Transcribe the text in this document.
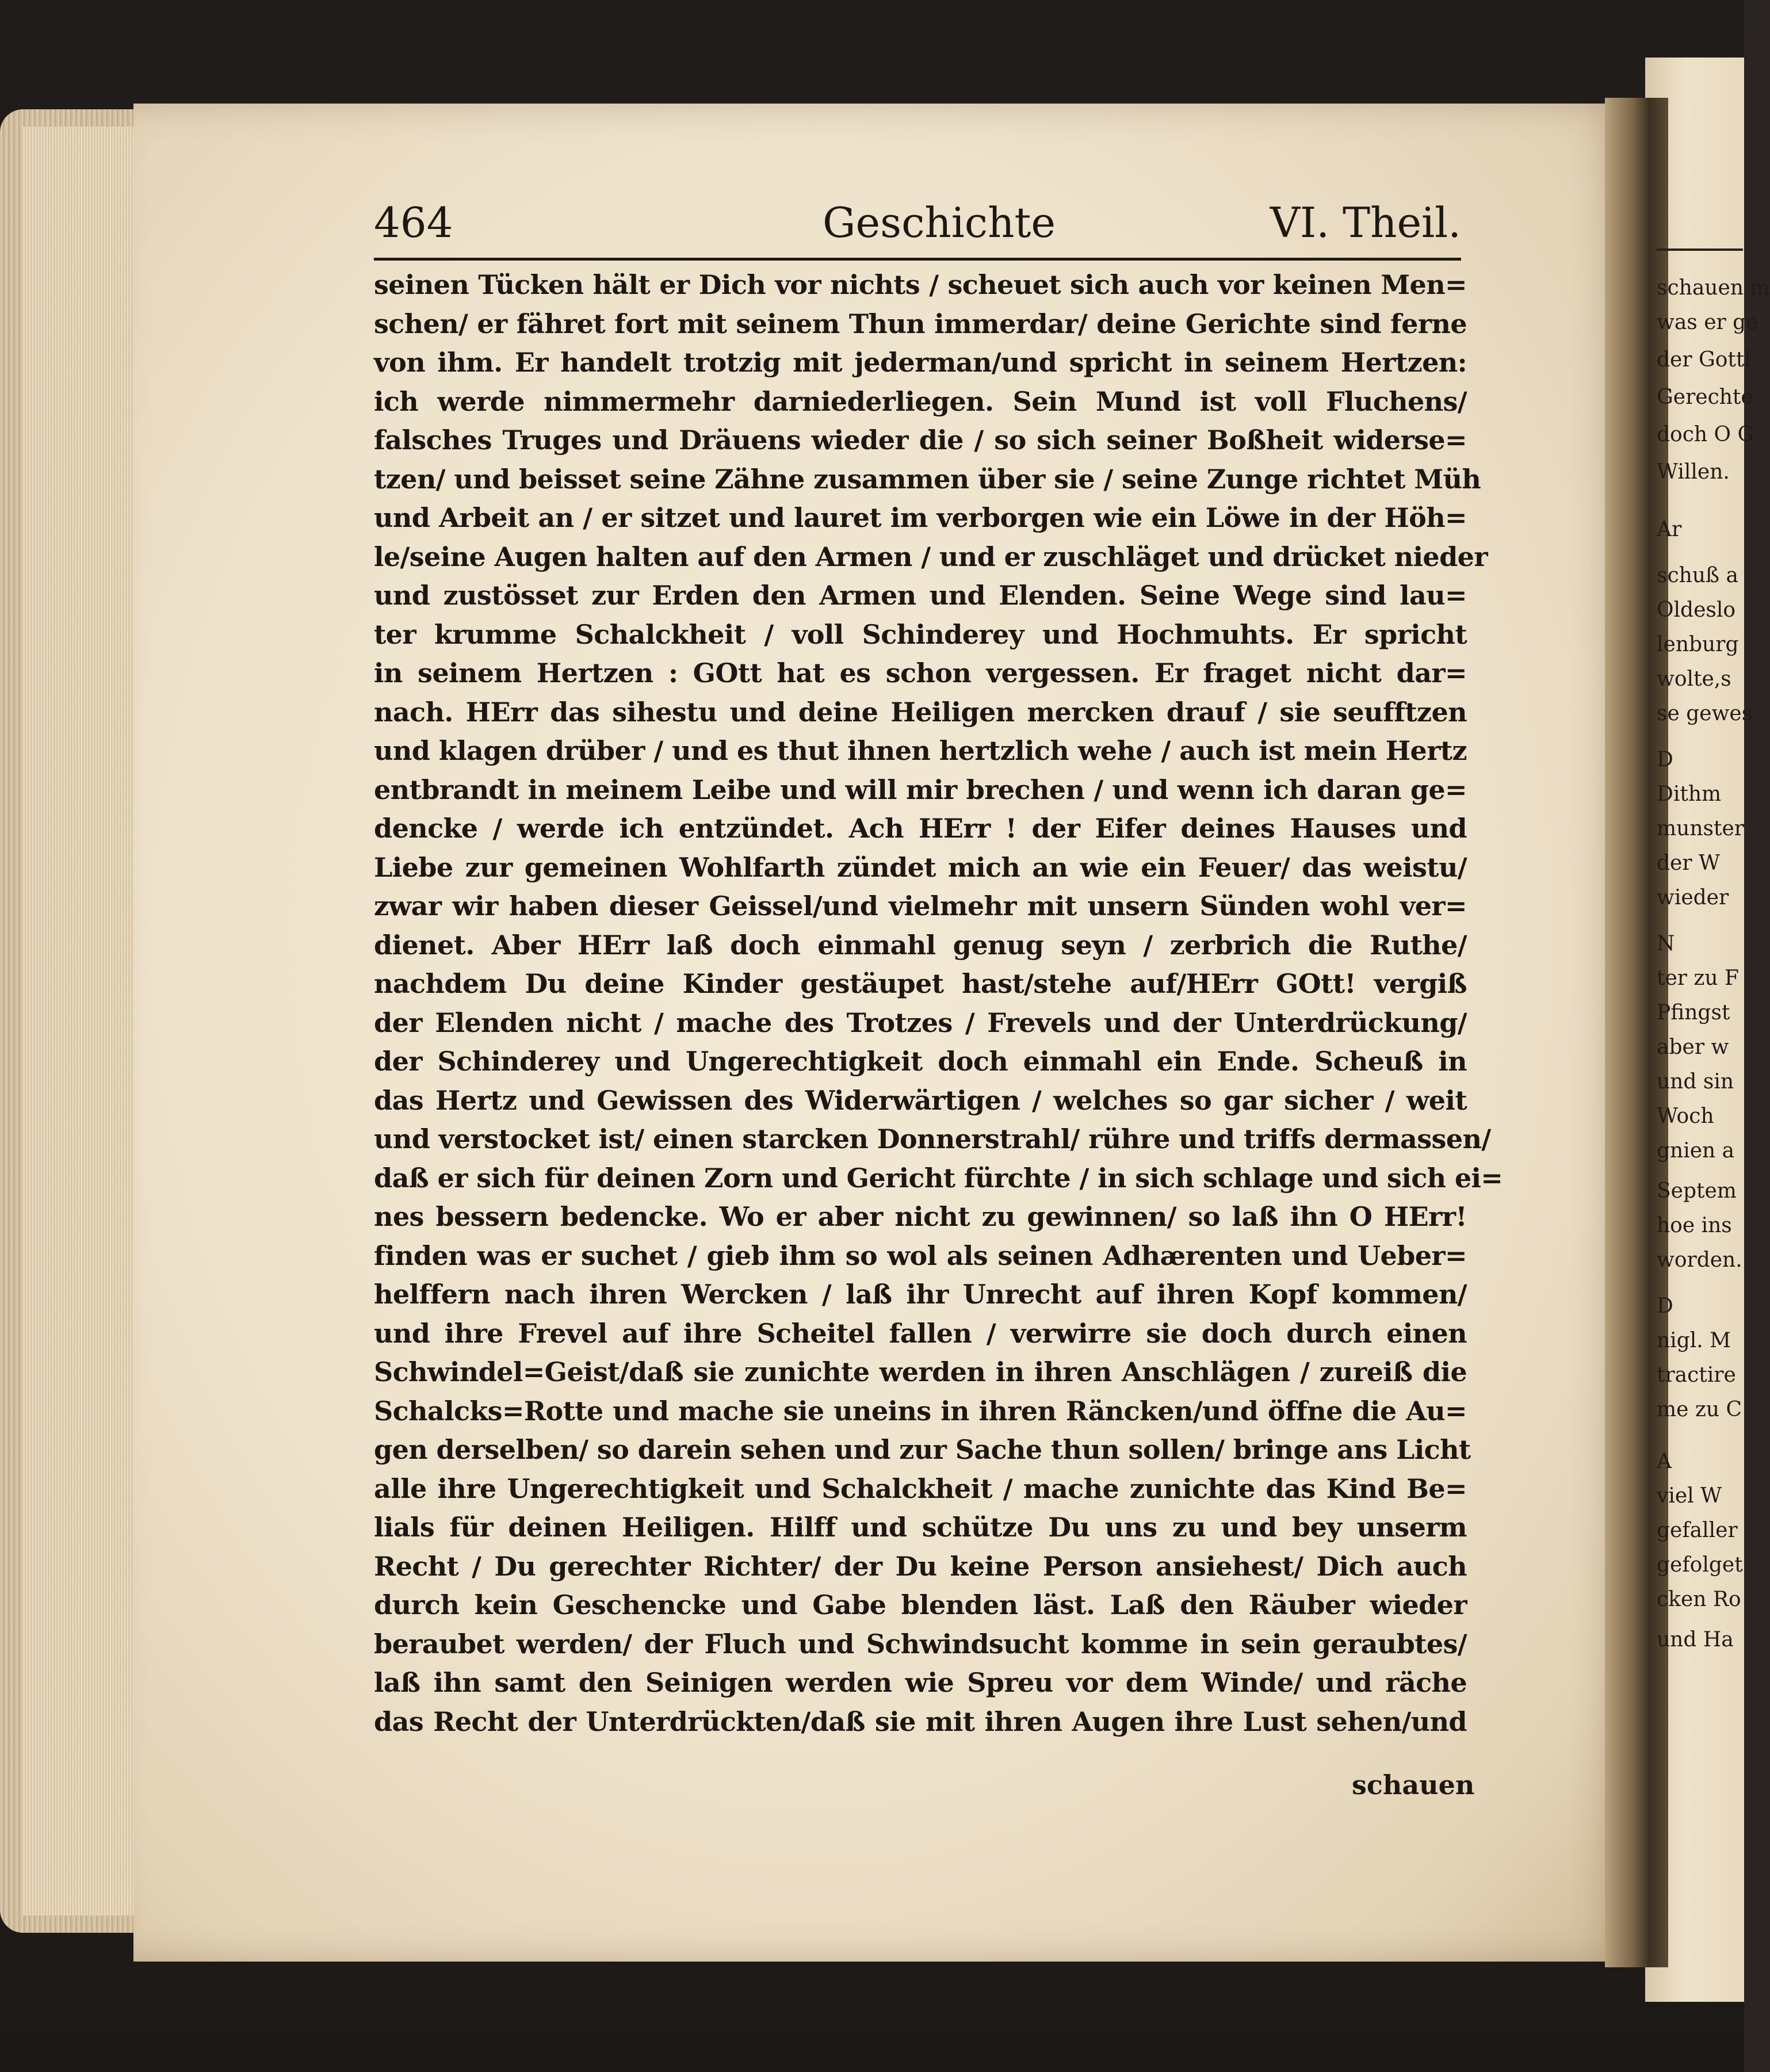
464	Geschichte	VI. Theil.
seinen Tücken hält er Dich vor nichts / scheuet sich auch vor keinen Men=
schen/ er fähret fort mit seinem Thun immerdar/ deine Gerichte sind ferne
von ihm. Er handelt trotzig mit jederman/und spricht in seinem Hertzen:
ich werde nimmermehr darniederliegen. Sein Mund ist voll Fluchens/
falsches Truges und Dräuens wieder die / so sich seiner Boßheit widerse=
tzen/ und beisset seine Zähne zusammen über sie / seine Zunge richtet Müh
und Arbeit an / er sitzet und lauret im verborgen wie ein Löwe in der Höh=
le/seine Augen halten auf den Armen / und er zuschläget und drücket nieder
und zustösset zur Erden den Armen und Elenden. Seine Wege sind lau=
ter krumme Schalckheit / voll Schinderey und Hochmuhts. Er spricht
in seinem Hertzen : GOtt hat es schon vergessen. Er fraget nicht dar=
nach. HErr das sihestu und deine Heiligen mercken drauf / sie seufftzen
und klagen drüber / und es thut ihnen hertzlich wehe / auch ist mein Hertz
entbrandt in meinem Leibe und will mir brechen / und wenn ich daran ge=
dencke / werde ich entzündet. Ach HErr ! der Eifer deines Hauses und
Liebe zur gemeinen Wohlfarth zündet mich an wie ein Feuer/ das weistu/
zwar wir haben dieser Geissel/und vielmehr mit unsern Sünden wohl ver=
dienet. Aber HErr laß doch einmahl genug seyn / zerbrich die Ruthe/
nachdem Du deine Kinder gestäupet hast/stehe auf/HErr GOtt! vergiß
der Elenden nicht / mache des Trotzes / Frevels und der Unterdrückung/
der Schinderey und Ungerechtigkeit doch einmahl ein Ende. Scheuß in
das Hertz und Gewissen des Widerwärtigen / welches so gar sicher / weit
und verstocket ist/ einen starcken Donnerstrahl/ rühre und triffs dermassen/
daß er sich für deinen Zorn und Gericht fürchte / in sich schlage und sich ei=
nes bessern bedencke. Wo er aber nicht zu gewinnen/ so laß ihn O HErr!
finden was er suchet / gieb ihm so wol als seinen Adhærenten und Ueber=
helffern nach ihren Wercken / laß ihr Unrecht auf ihren Kopf kommen/
und ihre Frevel auf ihre Scheitel fallen / verwirre sie doch durch einen
Schwindel=Geist/daß sie zunichte werden in ihren Anschlägen / zureiß die
Schalcks=Rotte und mache sie uneins in ihren Räncken/und öffne die Au=
gen derselben/ so darein sehen und zur Sache thun sollen/ bringe ans Licht
alle ihre Ungerechtigkeit und Schalckheit / mache zunichte das Kind Be=
lials für deinen Heiligen. Hilff und schütze Du uns zu und bey unserm
Recht / Du gerechter Richter/ der Du keine Person ansiehest/ Dich auch
durch kein Geschencke und Gabe blenden läst. Laß den Räuber wieder
beraubet werden/ der Fluch und Schwindsucht komme in sein geraubtes/
laß ihn samt den Seinigen werden wie Spreu vor dem Winde/ und räche
das Recht der Unterdrückten/daß sie mit ihren Augen ihre Lust sehen/und
schauen
schauen m
was er ge
der Gottl
Gerechte
doch O G
Willen.
Ar
schuß a
Oldeslo
lenburg
wolte,s
se gewes
D
Dithm
munster
der W
wieder
N
ter zu F
Pfingst
aber w
und sin
Woch
gnien a
Septem
hoe ins
worden.
D
nigl. M
tractire
me zu C
A
viel W
gefaller
gefolget
cken Ro
und Ha
